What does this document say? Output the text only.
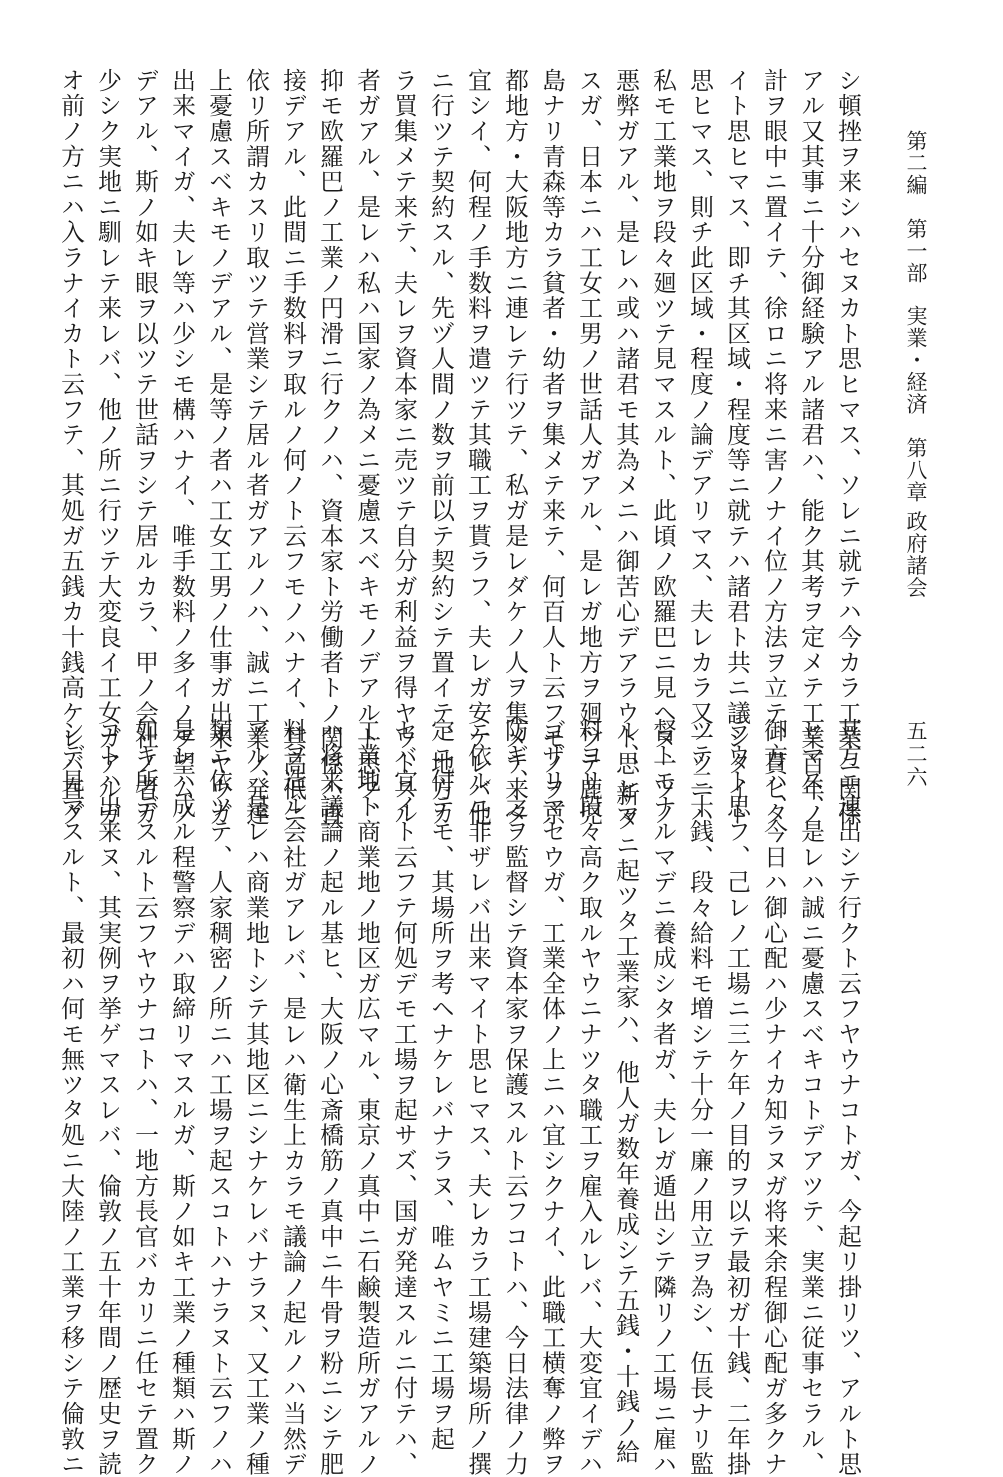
第二編 第一部 実業・経済 第八章 政府諸会
五二六
シ頓挫ヲ来シハセヌカト思ヒマス、ソレニ就テハ今カラ工業ニ関係
アル又其事ニ十分御経験アル諸君ハ、能ク其考ヲ定メテ工業百年ノ
計ヲ眼中ニ置イテ、徐ロニ将来ニ害ノナイ位ノ方法ヲ立テ、貰ヒタ
イト思ヒマス、即チ其区域・程度等ニ就テハ諸君ト共ニ議シタイト
思ヒマス、則チ此区域・程度ノ論デアリマス、夫レカラ又一ツニハ
私モ工業地ヲ段々廻ツテ見マスルト、此頃ノ欧羅巴ニ見ヘヌ一ツノ
悪弊ガアル、是レハ或ハ諸君モ其為メニハ御苦心デアラウト思ヒマ
スガ、日本ニハ工女工男ノ世話人ガアル、是レガ地方ヲ廻ツテ鹿児
島ナリ青森等カラ貧者・幼者ヲ集メテ来テ、何百人ト云フモノヲ京
都地方・大阪地方ニ連レテ行ツテ、私ガ是レダケノ人ヲ集メテ来タ
宜シイ、何程ノ手数料ヲ遣ツテ其職工ヲ貰ラフ、夫レガ安ケレバ他
ニ行ツテ契約スル、先ヅ人間ノ数ヲ前以テ契約シテ置イテ、地方カ
ラ買集メテ来テ、夫レヲ資本家ニ売ツテ自分ガ利益ヲ得ヤウトスル
者ガアル、是レハ私ハ国家ノ為メニ憂慮スベキモノデアルト思フ、
抑モ欧羅巴ノ工業ノ円滑ニ行クノハ、資本家ト労働者トノ関係ハ直
接デアル、此間ニ手数料ヲ取ルノ何ノト云フモノハナイ、其高低ニ
依リ所謂カスリ取ツテ営業シテ居ル者ガアルノハ、誠ニ工業ノ発達
上憂慮スベキモノデアル、是等ノ者ハ工女工男ノ仕事ガ出来ヤウガ
出来マイガ、夫レ等ハ少シモ構ハナイ、唯手数料ノ多イノヲ望ムノ
デアル、斯ノ如キ眼ヲ以ツテ世話ヲシテ居ルカラ、甲ノ会社ノ者ガ
少シク実地ニ馴レテ来レバ、他ノ所ニ行ツテ大変良イ工女ガアルガ
オ前ノ方ニハ入ラナイカト云フテ、其処ガ五銭カ十銭高ケレバ直グ
其方ニ連出シテ行クト云フヤウナコトガ、今起リ掛リツ、アルト思
ヒマス、是レハ誠ニ憂慮スベキコトデアツテ、実業ニ従事セラル、
御方ハ、今日ハ御心配ハ少ナイカ知ラヌガ将来余程御心配ガ多クナ
ラウト思フ、己レノ工場ニ三ケ年ノ目的ヲ以テ最初ガ十銭、二年掛
ツテ二十銭、段々給料モ増シテ十分一廉ノ用立ヲ為シ、伍長ナリ監
督トモナルマデニ養成シタ者ガ、夫レガ遁出シテ隣リノ工場ニ雇ハ
ル、、新タニ起ツタ工業家ハ、他人ガ数年養成シテ五銭・十銭ノ給
料ヨリ段々高ク取ルヤウニナツタ職工ヲ雇入ルレバ、大変宜イデハ
ゴザリマセウガ、工業全体ノ上ニハ宜シクナイ、此職工横奪ノ弊ヲ
防ギ、之ヲ監督シテ資本家ヲ保護スルト云フコトハ、今日法律ノ力
ニ依ルニ非ザレバ出来マイト思ヒマス、夫レカラ工場建築場所ノ撰
定ニ付テモ、其場所ヲ考ヘナケレバナラヌ、唯ムヤミニ工場ヲ起
セバ宜イト云フテ何処デモ工場ヲ起サズ、国ガ発達スルニ付テハ、
工業地ト商業地ノ地区ガ広マル、東京ノ真中ニ石鹸製造所ガアルノ
ハ将来議論ノ起ル基ヒ、大阪ノ心斎橋筋ノ真中ニ牛骨ヲ粉ニシテ肥
料ヲ造ル会社ガアレバ、是レハ衛生上カラモ議論ノ起ルノハ当然デ
アル、是レハ商業地トシテ其地区ニシナケレバナラヌ、又工業ノ種
類ニ依ツテ、人家稠密ノ所ニハ工場ヲ起スコトハナラヌト云フノハ
是レハ成ル程警察デハ取締リマスルガ、斯ノ如キ工業ノ種類ハ斯ノ
如キ所デスルト云フヤウナコトハ、一地方長官バカリニ任セテ置ク
コトハ出来ヌ、其実例ヲ挙ゲマスレバ、倫敦ノ五十年間ノ歴史ヲ読
ンデ見マスルト、最初ハ何モ無ツタ処ニ大陸ノ工業ヲ移シテ倫敦ニ
